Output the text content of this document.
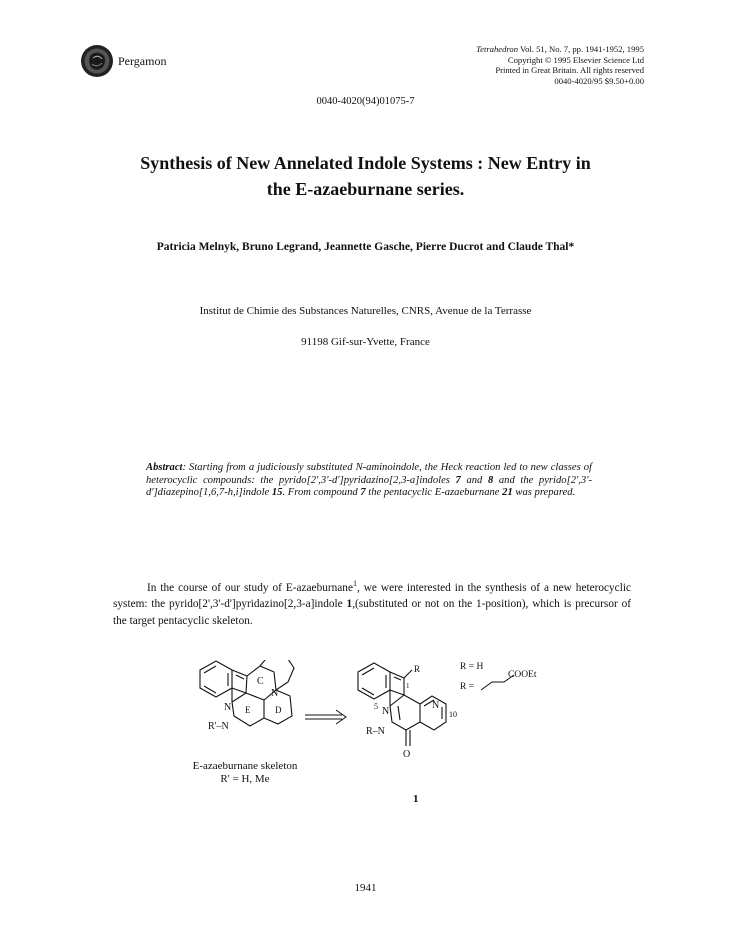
Pergamon
Tetrahedron Vol. 51, No. 7, pp. 1941-1952, 1995
Copyright © 1995 Elsevier Science Ltd
Printed in Great Britain. All rights reserved
0040-4020/95 $9.50+0.00
0040-4020(94)01075-7
Synthesis of New Annelated Indole Systems : New Entry in
the E-azaeburnane series.
Patricia Melnyk, Bruno Legrand, Jeannette Gasche, Pierre Ducrot and Claude Thal*
Institut de Chimie des Substances Naturelles, CNRS, Avenue de la Terrasse
91198 Gif-sur-Yvette, France
Abstract: Starting from a judiciously substituted N-aminoindole, the Heck reaction led to new classes of heterocyclic compounds: the pyrido[2',3'-d']pyridazino[2,3-a]indoles 7 and 8 and the pyrido[2',3'-d']diazepino[1,6,7-h,i]indole 15. From compound 7 the pentacyclic E-azaeburnane 21 was prepared.
In the course of our study of E-azaeburnane$^1$, we were interested in the synthesis of a new heterocyclic system: the pyrido[2',3'-d']pyridazino[2,3-a]indole 1,(substituted or not on the 1-position), which is precursor of the target pentacyclic skeleton.
C
N
N E	D
R'–N
R
1
5 N
N
10
R–N
O
R = H
R =
COOEt
E-azaeburnane skeleton
R' = H, Me
1
1941
